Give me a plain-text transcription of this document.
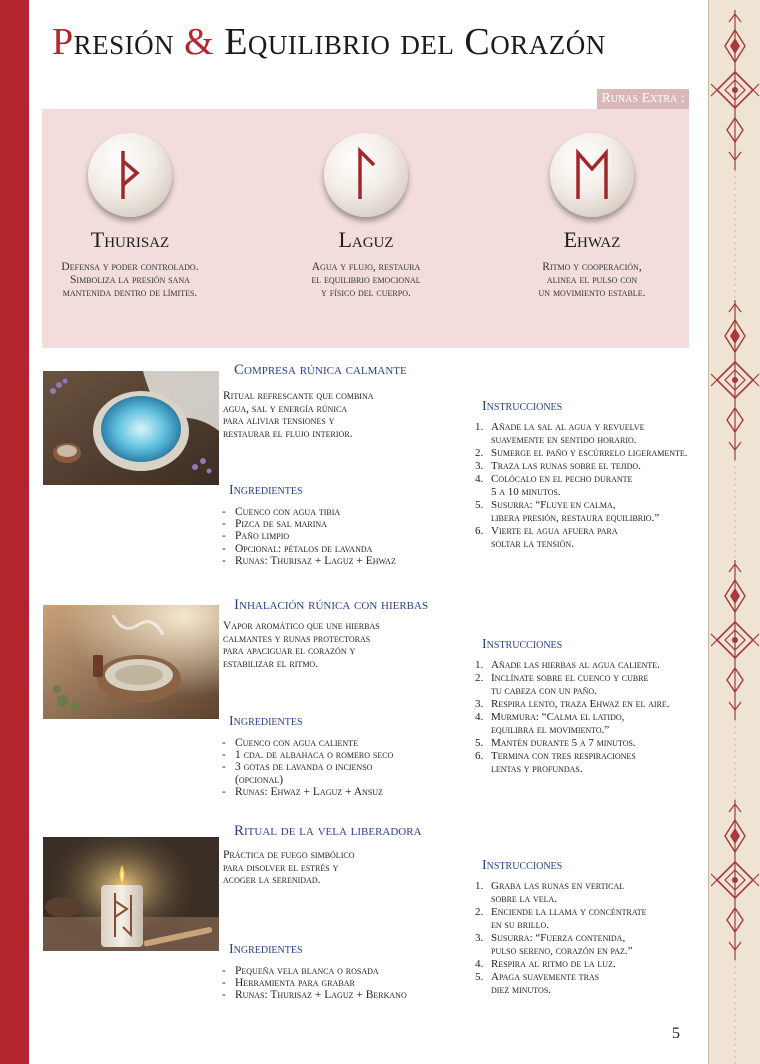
Presión & Equilibrio del Corazón
Runas Extra :
Thurisaz
Defensa y poder controlado.
Simboliza la presión sana
mantenida dentro de límites.
Laguz
Agua y flujo, restaura
el equilibrio emocional
y físico del cuerpo.
Ehwaz
Ritmo y cooperación,
alinea el pulso con
un movimiento estable.
Compresa rúnica calmante
Ritual refrescante que combina
agua, sal y energía rúnica
para aliviar tensiones y
restaurar el flujo interior.
Ingredientes
- Cuenco con agua tibia
- Pizca de sal marina
- Paño limpio
- Opcional: pétalos de lavanda
- Runas: Thurisaz + Laguz + Ehwaz
Instrucciones
1. Añade la sal al agua y revuelve
suavemente en sentido horario.
2. Sumerge el paño y escúrrelo ligeramente.
3. Traza las runas sobre el tejido.
4. Colócalo en el pecho durante
5 a 10 minutos.
5. Susurra: “Fluye en calma,
libera presión, restaura equilibrio.”
6. Vierte el agua afuera para
soltar la tensión.
Inhalación rúnica con hierbas
Vapor aromático que une hierbas
calmantes y runas protectoras
para apaciguar el corazón y
estabilizar el ritmo.
Ingredientes
- Cuenco con agua caliente
- 1 cda. de albahaca o romero seco
- 3 gotas de lavanda o incienso
(opcional)
- Runas: Ehwaz + Laguz + Ansuz
Instrucciones
1. Añade las hierbas al agua caliente.
2. Inclínate sobre el cuenco y cubre
tu cabeza con un paño.
3. Respira lento, traza Ehwaz en el aire.
4. Murmura: “Calma el latido,
equilibra el movimiento.”
5. Mantén durante 5 a 7 minutos.
6. Termina con tres respiraciones
lentas y profundas.
Ritual de la vela liberadora
Práctica de fuego simbólico
para disolver el estrés y
acoger la serenidad.
Ingredientes
- Pequeña vela blanca o rosada
- Herramienta para grabar
- Runas: Thurisaz + Laguz + Berkano
Instrucciones
1. Graba las runas en vertical
sobre la vela.
2. Enciende la llama y concéntrate
en su brillo.
3. Susurra: “Fuerza contenida,
pulso sereno, corazón en paz.”
4. Respira al ritmo de la luz.
5. Apaga suavemente tras
diez minutos.
5
